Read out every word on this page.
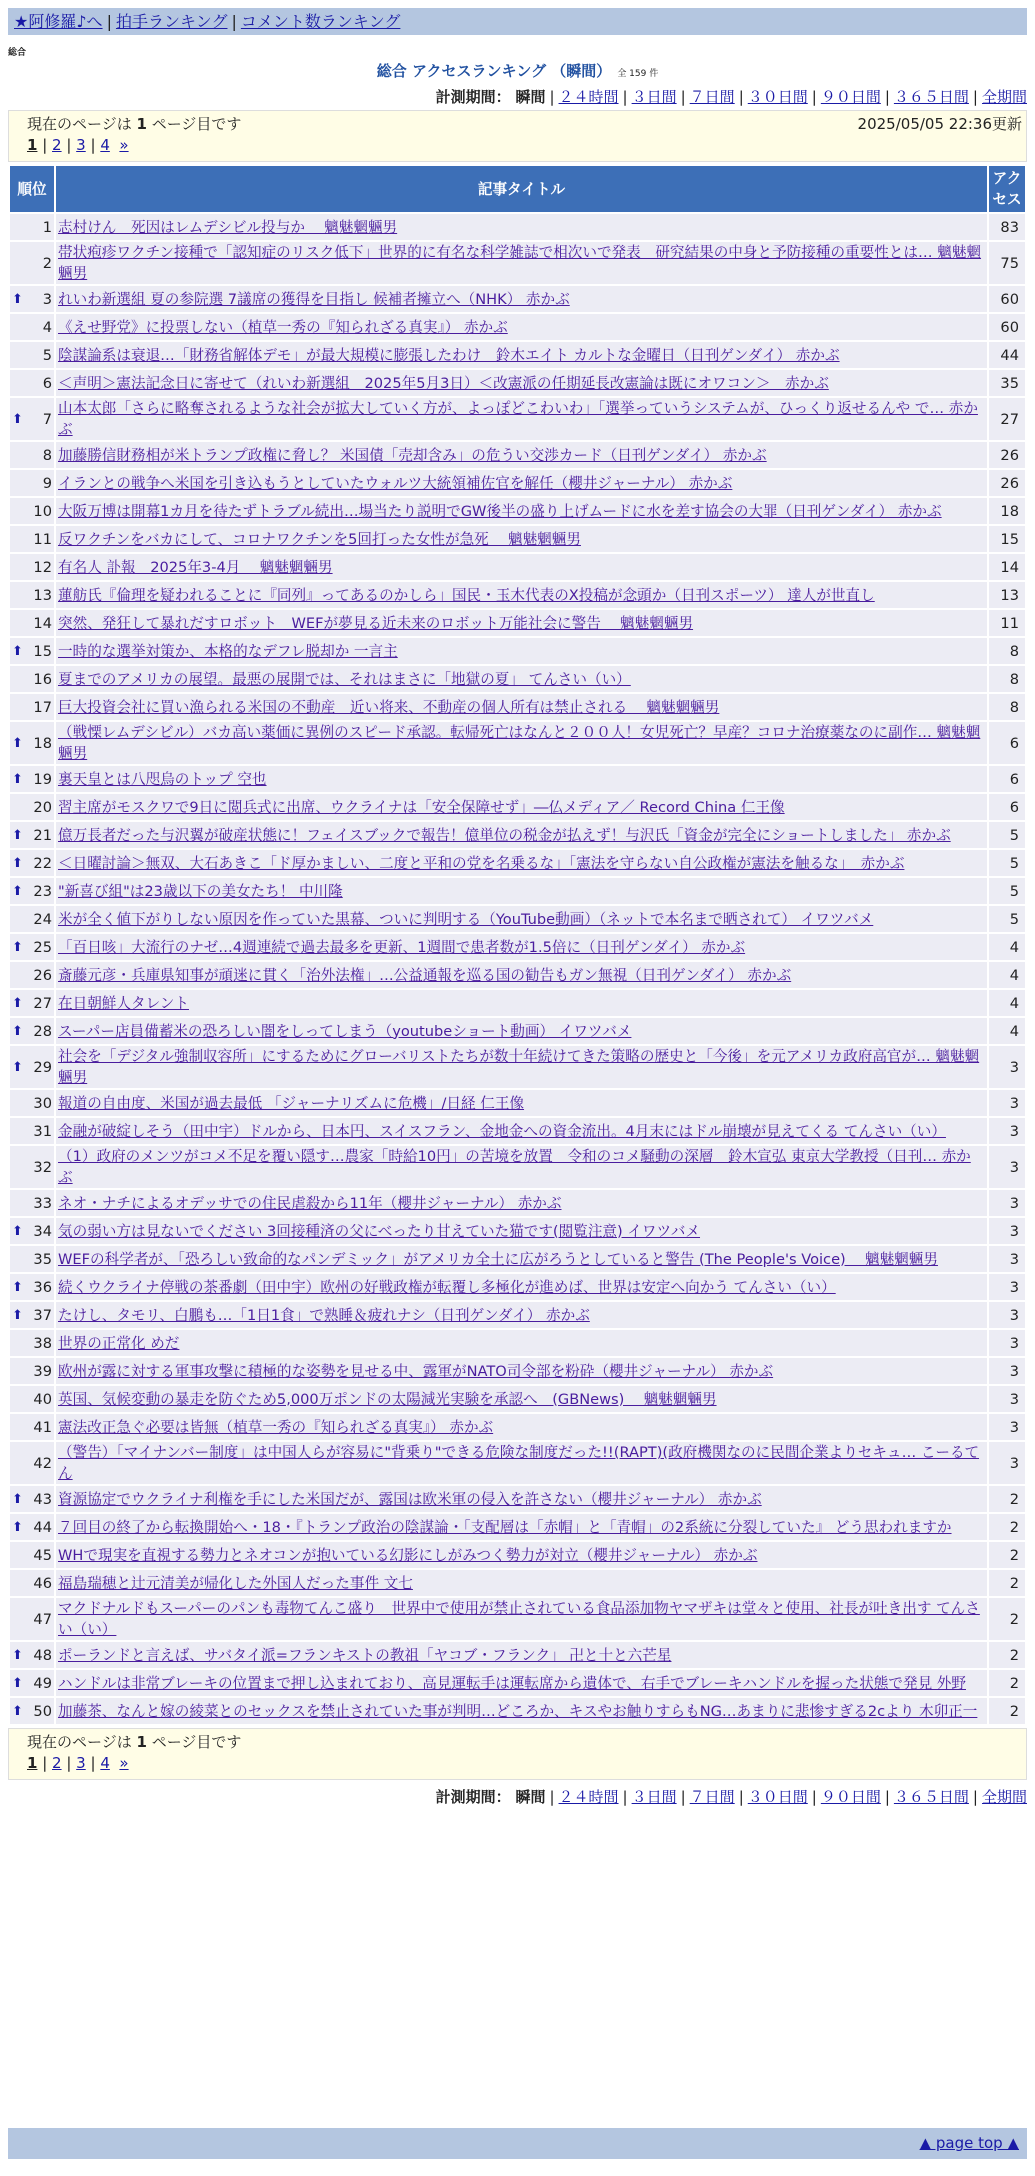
★阿修羅♪へ | 拍手ランキング | コメント数ランキング
総合
総合 アクセスランキング （瞬間） 全 159 件
計測期間： 瞬間 | ２４時間 | ３日間 | ７日間 | ３０日間 | ９０日間 | ３６５日間 | 全期間
現在のページは 1 ページ目です	2025/05/05 22:36更新
1 | 2 | 3 | 4 »
順位	記事タイトル	アクセス
1	志村けん　死因はレムデシビル投与か　 魑魅魍魎男	83
2	帯状疱疹ワクチン接種で「認知症のリスク低下」世界的に有名な科学雑誌で相次いで発表　研究結果の中身と予防接種の重要性とは… 魑魅魍魎男	75

⬆ 3	れいわ新選組 夏の参院選 7議席の獲得を目指し 候補者擁立へ（NHK） 赤かぶ	60
4	《えせ野党》に投票しない（植草一秀の『知られざる真実』） 赤かぶ	60
5	陰謀論系は衰退…「財務省解体デモ」が最大規模に膨張したわけ　鈴木エイト カルトな金曜日（日刊ゲンダイ） 赤かぶ	44
6	＜声明＞憲法記念日に寄せて（れいわ新選組　2025年5月3日）＜改憲派の任期延長改憲論は既にオワコン＞　赤かぶ	35

⬆ 7	山本太郎「さらに略奪されるような社会が拡大していく方が、よっぽどこわいわ」「選挙っていうシステムが、ひっくり返せるんや で… 赤かぶ	27
8	加藤勝信財務相が米トランプ政権に脅し？ 米国債「売却含み」の危うい交渉カード（日刊ゲンダイ） 赤かぶ	26
9	イランとの戦争へ米国を引き込もうとしていたウォルツ大統領補佐官を解任（櫻井ジャーナル） 赤かぶ	26
10	大阪万博は開幕1カ月を待たずトラブル続出…場当たり説明でGW後半の盛り上げムードに水を差す協会の大罪（日刊ゲンダイ） 赤かぶ	18
11	反ワクチンをバカにして、コロナワクチンを5回打った女性が急死　 魑魅魍魎男	15
12	有名人 訃報　2025年3-4月　 魑魅魍魎男	14
13	蓮舫氏『倫理を疑われることに『同列』ってあるのかしら」国民・玉木代表のX投稿が念頭か（日刊スポーツ） 達人が世直し	13
14	突然、発狂して暴れだすロボット　WEFが夢見る近未来のロボット万能社会に警告　 魑魅魍魎男	11

⬆ 15	一時的な選挙対策か、本格的なデフレ脱却か 一言主	8
16	夏までのアメリカの展望。最悪の展開では、それはまさに「地獄の夏」 てんさい（い）	8
17	巨大投資会社に買い漁られる米国の不動産　近い将来、不動産の個人所有は禁止される　 魑魅魍魎男	8

⬆ 18	（戦慄レムデシビル）バカ高い薬価に異例のスピード承認。転帰死亡はなんと２００人！女児死亡？早産？コロナ治療薬なのに副作… 魑魅魍魎男	6

⬆ 19	裏天皇とは八咫烏のトップ 空也	6
20	習主席がモスクワで9日に閲兵式に出席、ウクライナは「安全保障せず」―仏メディア／ Record China 仁王像	6

⬆ 21	億万長者だった与沢翼が破産状態に！フェイスブックで報告！億単位の税金が払えず！与沢氏「資金が完全にショートしました」 赤かぶ	5

⬆ 22	＜日曜討論＞無双、大石あきこ「ド厚かましい、二度と平和の党を名乗るな」「憲法を守らない自公政権が憲法を触るな」　赤かぶ	5

⬆ 23	"新喜び組"は23歳以下の美女たち！ 中川隆	5
24	米が全く値下がりしない原因を作っていた黒幕、ついに判明する（YouTube動画）（ネットで本名まで晒されて） イワツバメ	5

⬆ 25	「百日咳」大流行のナゼ…4週連続で過去最多を更新、1週間で患者数が1.5倍に（日刊ゲンダイ） 赤かぶ	4
26	斎藤元彦・兵庫県知事が頑迷に貫く「治外法権」…公益通報を巡る国の勧告もガン無視（日刊ゲンダイ） 赤かぶ	4

⬆ 27	在日朝鮮人タレント	4

⬆ 28	スーパー店員備蓄米の恐ろしい闇をしってしまう（youtubeショート動画） イワツバメ	4

⬆ 29	社会を「デジタル強制収容所」にするためにグローバリストたちが数十年続けてきた策略の歴史と「今後」を元アメリカ政府高官が… 魑魅魍魎男	3
30	報道の自由度、米国が過去最低 「ジャーナリズムに危機」/日経 仁王像	3
31	金融が破綻しそう（田中宇）ドルから、日本円、スイスフラン、金地金への資金流出。4月末にはドル崩壊が見えてくる てんさい（い）	3
32	（1）政府のメンツがコメ不足を覆い隠す…農家「時給10円」の苦境を放置　令和のコメ騒動の深層　鈴木宣弘 東京大学教授（日刊… 赤かぶ	3
33	ネオ・ナチによるオデッサでの住民虐殺から11年（櫻井ジャーナル） 赤かぶ	3

⬆ 34	気の弱い方は見ないでください 3回接種済の父にべったり甘えていた猫です(閲覧注意) イワツバメ	3
35	WEFの科学者が、「恐ろしい致命的なパンデミック」がアメリカ全土に広がろうとしていると警告 (The People's Voice)　 魑魅魍魎男	3

⬆ 36	続くウクライナ停戦の茶番劇（田中宇）欧州の好戦政権が転覆し多極化が進めば、世界は安定へ向かう てんさい（い）	3

⬆ 37	たけし、タモリ、白鵬も…「1日1食」で熟睡＆疲れナシ（日刊ゲンダイ） 赤かぶ	3
38	世界の正常化 めだ	3
39	欧州が露に対する軍事攻撃に積極的な姿勢を見せる中、露軍がNATO司令部を粉砕（櫻井ジャーナル） 赤かぶ	3
40	英国、気候変動の暴走を防ぐため5,000万ポンドの太陽減光実験を承認へ　(GBNews)　 魑魅魍魎男	3
41	憲法改正急ぐ必要は皆無（植草一秀の『知られざる真実』） 赤かぶ	3
42	（警告）「マイナンバー制度」は中国人らが容易に"背乗り"できる危険な制度だった!!(RAPT)(政府機関なのに民間企業よりセキュ… こーるてん	3

⬆ 43	資源協定でウクライナ利権を手にした米国だが、露国は欧米軍の侵入を許さない（櫻井ジャーナル） 赤かぶ	2

⬆ 44	７回目の終了から転換開始へ・18・『トランプ政治の陰謀論・「支配層は「赤帽」と「青帽」の2系統に分裂していた』 どう思われますか	2
45	WHで現実を直視する勢力とネオコンが抱いている幻影にしがみつく勢力が対立（櫻井ジャーナル） 赤かぶ	2
46	福島瑞穂と辻元清美が帰化した外国人だった事件 文七	2
47	マクドナルドもスーパーのパンも毒物てんこ盛り　世界中で使用が禁止されている食品添加物ヤマザキは堂々と使用、社長が吐き出す てんさい（い）	2

⬆ 48	ポーランドと言えば、サバタイ派=フランキストの教祖「ヤコブ・フランク」 卍と十と六芒星	2

⬆ 49	ハンドルは非常ブレーキの位置まで押し込まれており、高見運転手は運転席から遺体で、右手でブレーキハンドルを握った状態で発見 外野	2

⬆ 50	加藤茶、なんと嫁の綾菜とのセックスを禁止されていた事が判明…どころか、キスやお触りすらもNG…あまりに悲惨すぎる2cより 木卯正一	2
現在のページは 1 ページ目です
1 | 2 | 3 | 4 »
計測期間： 瞬間 | ２４時間 | ３日間 | ７日間 | ３０日間 | ９０日間 | ３６５日間 | 全期間
▲ page top ▲
